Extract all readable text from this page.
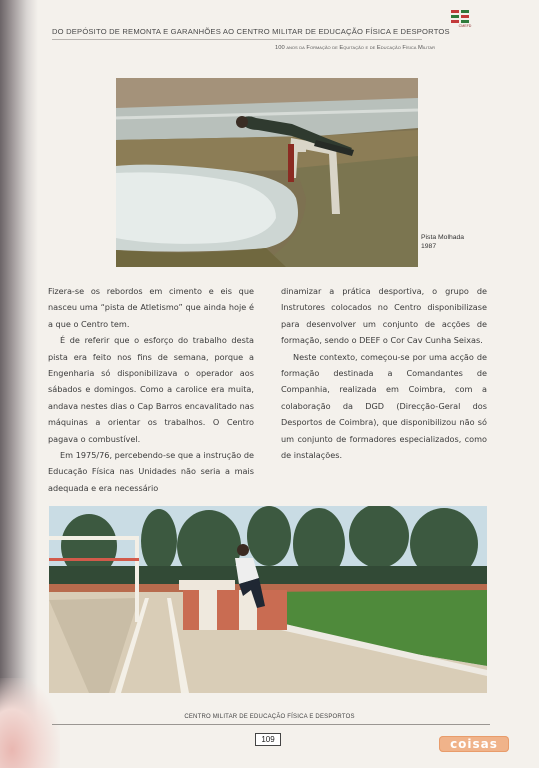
DO DEPÓSITO DE REMONTA E GARANHÕES AO CENTRO MILITAR DE EDUCAÇÃO FÍSICA E DESPORTOS
100 anos da Formação de Equitação e de Educação Física Militar
CMEFD
Pista Molhada
1987

Fizera-se os rebordos em cimento e eis que nasceu uma “pista de Atletismo” que ainda hoje é a que o Centro tem.

É de referir que o esforço do trabalho desta pista era feito nos fins de semana, porque a Engenharia só disponibilizava o operador aos sábados e domingos. Como a carolice era muita, andava nestes dias o Cap Barros encavalitado nas máquinas a orientar os trabalhos. O Centro pagava o combustível.

Em 1975/76, percebendo-se que a instrução de Educação Física nas Unidades não seria a mais adequada e era necessário

dinamizar a prática desportiva, o grupo de Instrutores colocados no Centro disponibilizase para desenvolver um conjunto de acções de formação, sendo o DEEF o Cor Cav Cunha Seixas.

Neste contexto, começou-se por uma acção de formação destinada a Comandantes de Companhia, realizada em Coimbra, com a colaboração da DGD (Direcção-Geral dos Desportos de Coimbra), que disponibilizou não só um conjunto de formadores especializados, como de instalações.

CENTRO MILITAR DE EDUCAÇÃO FÍSICA E DESPORTOS
109	coisas
